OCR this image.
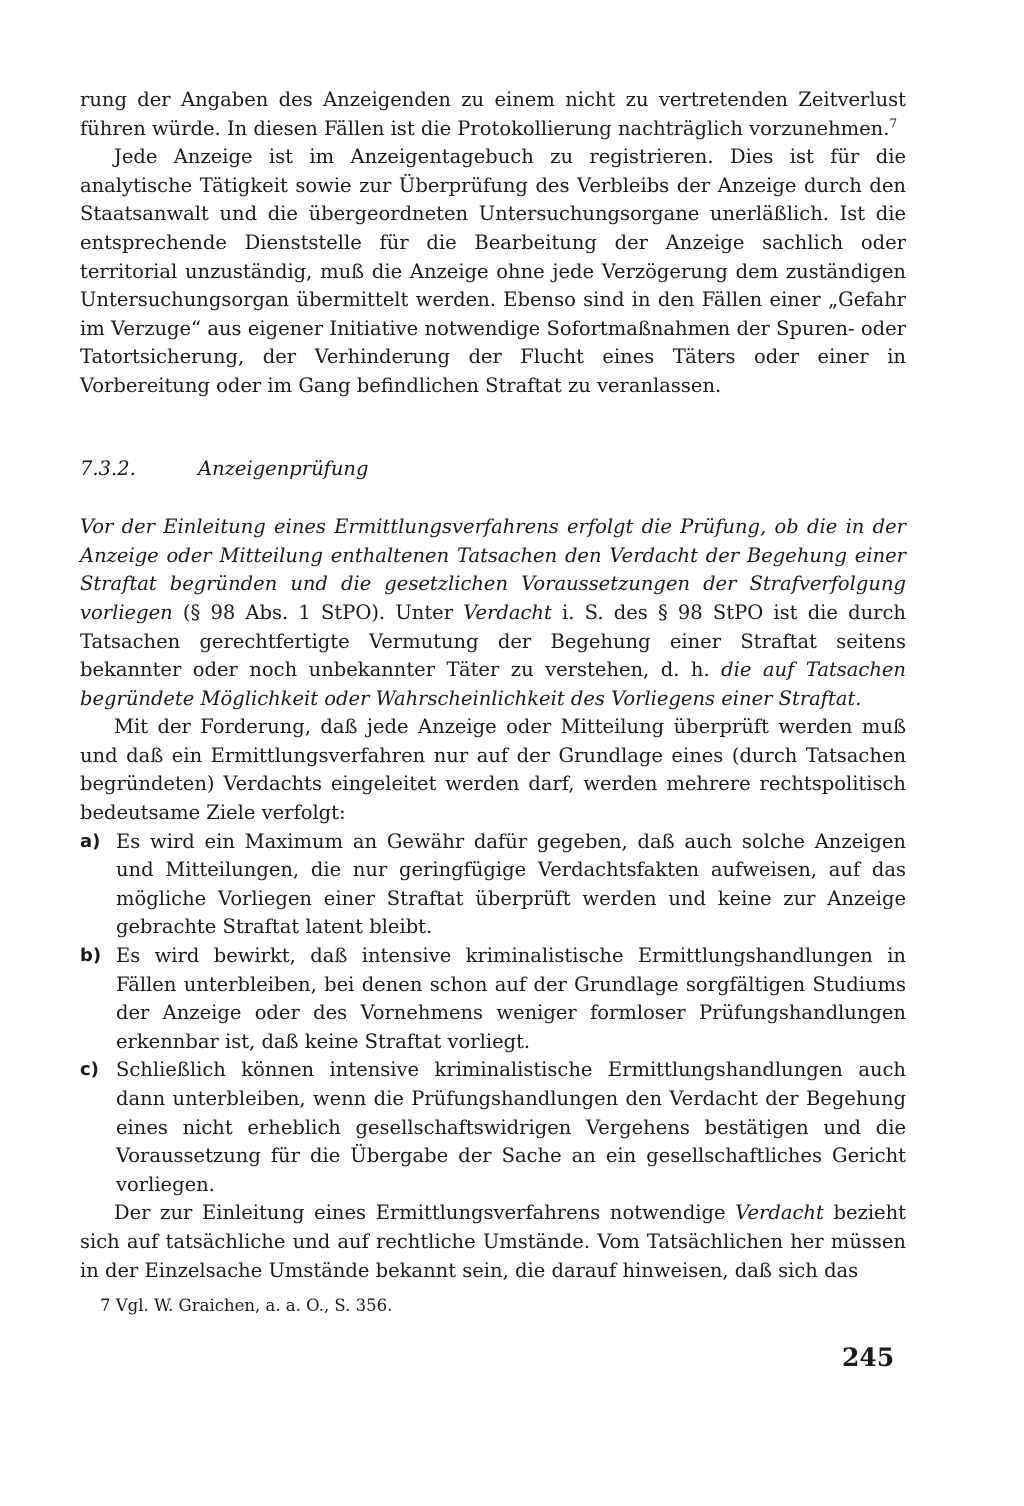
rung der Angaben des Anzeigenden zu einem nicht zu vertretenden Zeitverlust führen würde. In diesen Fällen ist die Protokollierung nachträglich vorzunehmen.$^7$

Jede Anzeige ist im Anzeigentagebuch zu registrieren. Dies ist für die analytische Tätigkeit sowie zur Überprüfung des Verbleibs der Anzeige durch den Staatsanwalt und die übergeordneten Untersuchungsorgane unerläßlich. Ist die entsprechende Dienststelle für die Bearbeitung der Anzeige sachlich oder territorial unzuständig, muß die Anzeige ohne jede Verzögerung dem zuständigen Untersuchungsorgan übermittelt werden. Ebenso sind in den Fällen einer „Gefahr im Verzuge“ aus eigener Initiative notwendige Sofortmaßnahmen der Spuren- oder Tatortsicherung, der Verhinderung der Flucht eines Täters oder einer in Vorbereitung oder im Gang befindlichen Straftat zu veranlassen.

7.3.2.	Anzeigenprüfung

Vor der Einleitung eines Ermittlungsverfahrens erfolgt die Prüfung, ob die in der Anzeige oder Mitteilung enthaltenen Tatsachen den Verdacht der Begehung einer Straftat begründen und die gesetzlichen Voraussetzungen der Strafverfolgung vorliegen (§ 98 Abs. 1 StPO). Unter Verdacht i. S. des § 98 StPO ist die durch Tatsachen gerechtfertigte Vermutung der Begehung einer Straftat seitens bekannter oder noch unbekannter Täter zu verstehen, d. h. die auf Tatsachen begründete Möglichkeit oder Wahrscheinlichkeit des Vorliegens einer Straftat.

Mit der Forderung, daß jede Anzeige oder Mitteilung überprüft werden muß und daß ein Ermittlungsverfahren nur auf der Grundlage eines (durch Tatsachen begründeten) Verdachts eingeleitet werden darf, werden mehrere rechtspolitisch bedeutsame Ziele verfolgt:

a) Es wird ein Maximum an Gewähr dafür gegeben, daß auch solche Anzeigen und Mitteilungen, die nur geringfügige Verdachtsfakten aufweisen, auf das mögliche Vorliegen einer Straftat überprüft werden und keine zur Anzeige gebrachte Straftat latent bleibt.
b) Es wird bewirkt, daß intensive kriminalistische Ermittlungshandlungen in Fällen unterbleiben, bei denen schon auf der Grundlage sorgfältigen Studiums der Anzeige oder des Vornehmens weniger formloser Prüfungshandlungen erkennbar ist, daß keine Straftat vorliegt.
c) Schließlich können intensive kriminalistische Ermittlungshandlungen auch dann unterbleiben, wenn die Prüfungshandlungen den Verdacht der Begehung eines nicht erheblich gesellschaftswidrigen Vergehens bestätigen und die Voraussetzung für die Übergabe der Sache an ein gesellschaftliches Gericht vorliegen.

Der zur Einleitung eines Ermittlungsverfahrens notwendige Verdacht bezieht sich auf tatsächliche und auf rechtliche Umstände. Vom Tatsächlichen her müssen in der Einzelsache Umstände bekannt sein, die darauf hinweisen, daß sich das

7 Vgl. W. Graichen, a. a. O., S. 356.
245
